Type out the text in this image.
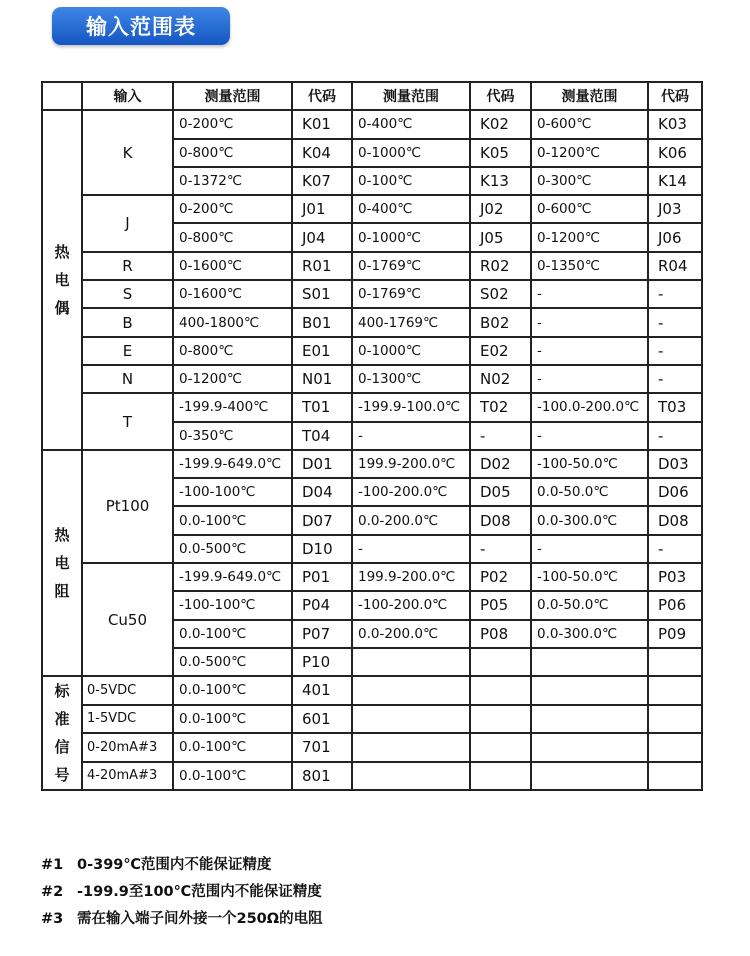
输入范围表
	输入	测量范围	代码	测量范围	代码	测量范围	代码
热电偶	K	0-200℃	K01	0-400℃	K02	0-600℃	K03
		0-800℃	K04	0-1000℃	K05	0-1200℃	K06
		0-1372℃	K07	0-100℃	K13	0-300℃	K14
	J	0-200℃	J01	0-400℃	J02	0-600℃	J03
		0-800℃	J04	0-1000℃	J05	0-1200℃	J06
	R	0-1600℃	R01	0-1769℃	R02	0-1350℃	R04
	S	0-1600℃	S01	0-1769℃	S02	-	-
	B	400-1800℃	B01	400-1769℃	B02	-	-
	E	0-800℃	E01	0-1000℃	E02	-	-
	N	0-1200℃	N01	0-1300℃	N02	-	-
	T	-199.9-400℃	T01	-199.9-100.0℃	T02	-100.0-200.0℃	T03
		0-350℃	T04	-	-	-	-
热电阻	Pt100	-199.9-649.0℃	D01	199.9-200.0℃	D02	-100-50.0℃	D03
		-100-100℃	D04	-100-200.0℃	D05	0.0-50.0℃	D06
		0.0-100℃	D07	0.0-200.0℃	D08	0.0-300.0℃	D08
		0.0-500℃	D10	-	-	-	-
	Cu50	-199.9-649.0℃	P01	199.9-200.0℃	P02	-100-50.0℃	P03
		-100-100℃	P04	-100-200.0℃	P05	0.0-50.0℃	P06
		0.0-100℃	P07	0.0-200.0℃	P08	0.0-300.0℃	P09
		0.0-500℃	P10				
标准信号	0-5VDC	0.0-100℃	401				
	1-5VDC	0.0-100℃	601				
	0-20mA#3	0.0-100℃	701				
	4-20mA#3	0.0-100℃	801				
#1 0-399℃范围内不能保证精度
#2 -199.9至100℃范围内不能保证精度
#3 需在输入端子间外接一个250Ω的电阻
